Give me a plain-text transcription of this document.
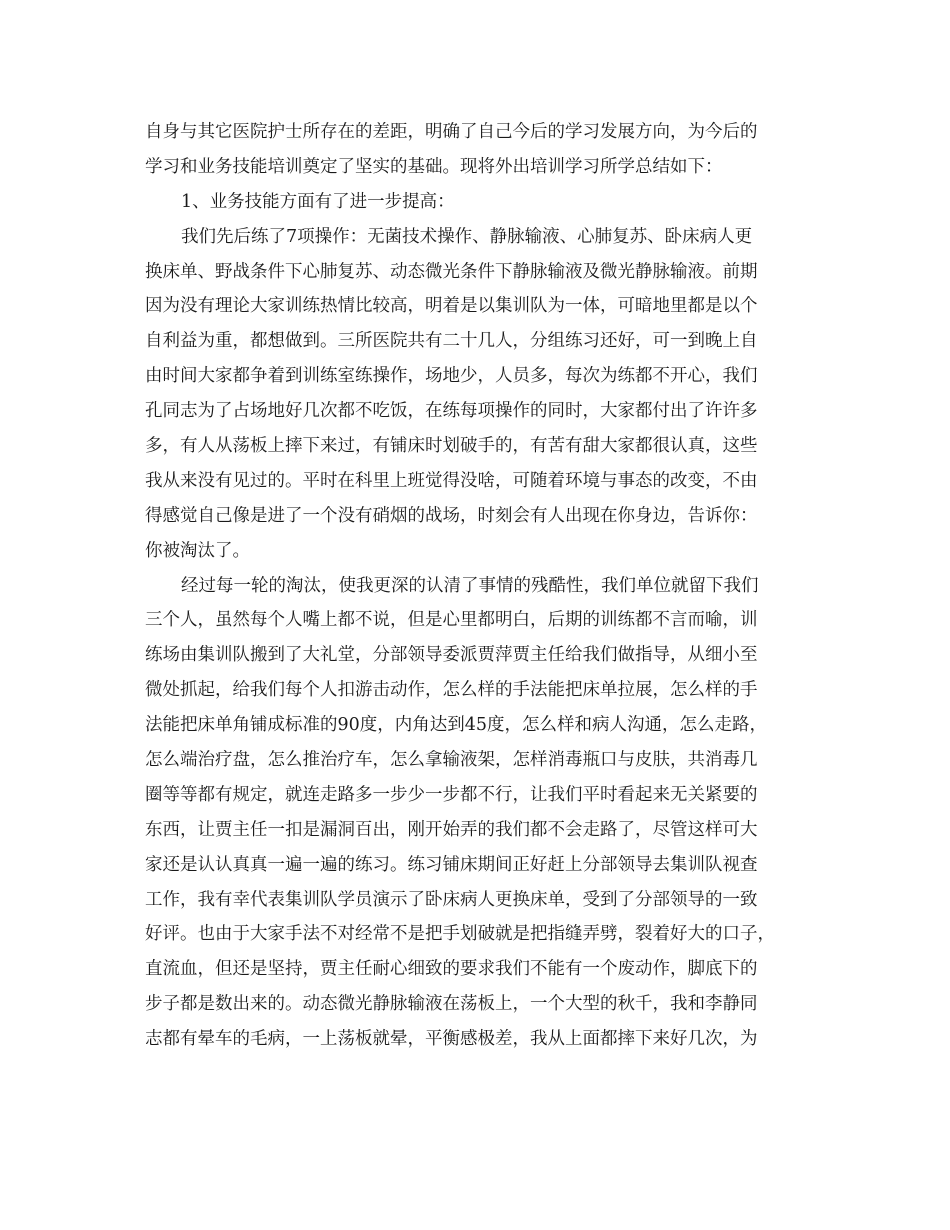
自身与其它医院护士所存在的差距，明确了自己今后的学习发展方向，为今后的
学习和业务技能培训奠定了坚实的基础。现将外出培训学习所学总结如下：
1、业务技能方面有了进一步提高：
我们先后练了7项操作：无菌技术操作、静脉输液、心肺复苏、卧床病人更
换床单、野战条件下心肺复苏、动态微光条件下静脉输液及微光静脉输液。前期
因为没有理论大家训练热情比较高，明着是以集训队为一体，可暗地里都是以个
自利益为重，都想做到。三所医院共有二十几人，分组练习还好，可一到晚上自
由时间大家都争着到训练室练操作，场地少，人员多，每次为练都不开心，我们
孔同志为了占场地好几次都不吃饭，在练每项操作的同时，大家都付出了许许多
多，有人从荡板上摔下来过，有铺床时划破手的，有苦有甜大家都很认真，这些
我从来没有见过的。平时在科里上班觉得没啥，可随着环境与事态的改变，不由
得感觉自己像是进了一个没有硝烟的战场，时刻会有人出现在你身边，告诉你：
你被淘汰了。
经过每一轮的淘汰，使我更深的认清了事情的残酷性，我们单位就留下我们
三个人，虽然每个人嘴上都不说，但是心里都明白，后期的训练都不言而喻，训
练场由集训队搬到了大礼堂，分部领导委派贾萍贾主任给我们做指导，从细小至
微处抓起，给我们每个人扣游击动作，怎么样的手法能把床单拉展，怎么样的手
法能把床单角铺成标准的90度，内角达到45度，怎么样和病人沟通，怎么走路，
怎么端治疗盘，怎么推治疗车，怎么拿输液架，怎样消毒瓶口与皮肤，共消毒几
圈等等都有规定，就连走路多一步少一步都不行，让我们平时看起来无关紧要的
东西，让贾主任一扣是漏洞百出，刚开始弄的我们都不会走路了，尽管这样可大
家还是认认真真一遍一遍的练习。练习铺床期间正好赶上分部领导去集训队视查
工作，我有幸代表集训队学员演示了卧床病人更换床单，受到了分部领导的一致
好评。也由于大家手法不对经常不是把手划破就是把指缝弄劈，裂着好大的口子，
直流血，但还是坚持，贾主任耐心细致的要求我们不能有一个废动作，脚底下的
步子都是数出来的。动态微光静脉输液在荡板上，一个大型的秋千，我和李静同
志都有晕车的毛病，一上荡板就晕，平衡感极差，我从上面都摔下来好几次，为
